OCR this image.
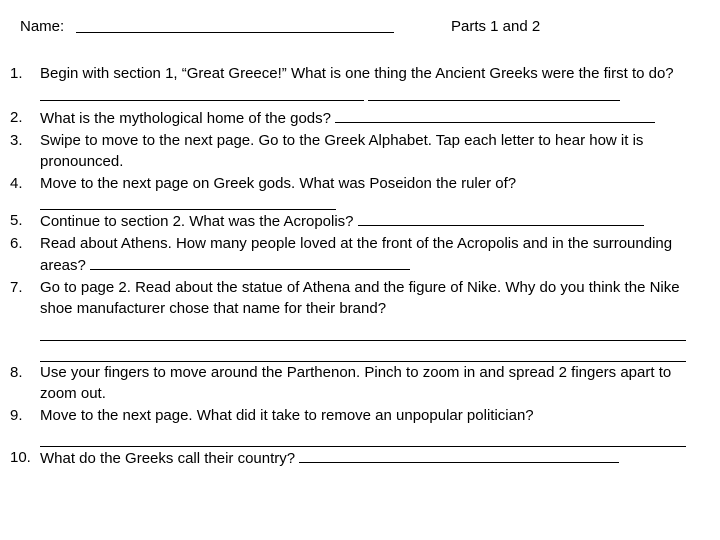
Name:	Parts 1 and 2
1. Begin with section 1, “Great Greece!” What is one thing the Ancient Greeks were the first to do?
2. What is the mythological home of the gods?
3. Swipe to move to the next page. Go to the Greek Alphabet. Tap each letter to hear how it is pronounced.
4. Move to the next page on Greek gods. What was Poseidon the ruler of?
5. Continue to section 2. What was the Acropolis?
6. Read about Athens. How many people loved at the front of the Acropolis and in the surrounding areas?
7. Go to page 2. Read about the statue of Athena and the figure of Nike. Why do you think the Nike shoe manufacturer chose that name for their brand?
8. Use your fingers to move around the Parthenon. Pinch to zoom in and spread 2 fingers apart to zoom out.
9. Move to the next page. What did it take to remove an unpopular politician?
10. What do the Greeks call their country?
